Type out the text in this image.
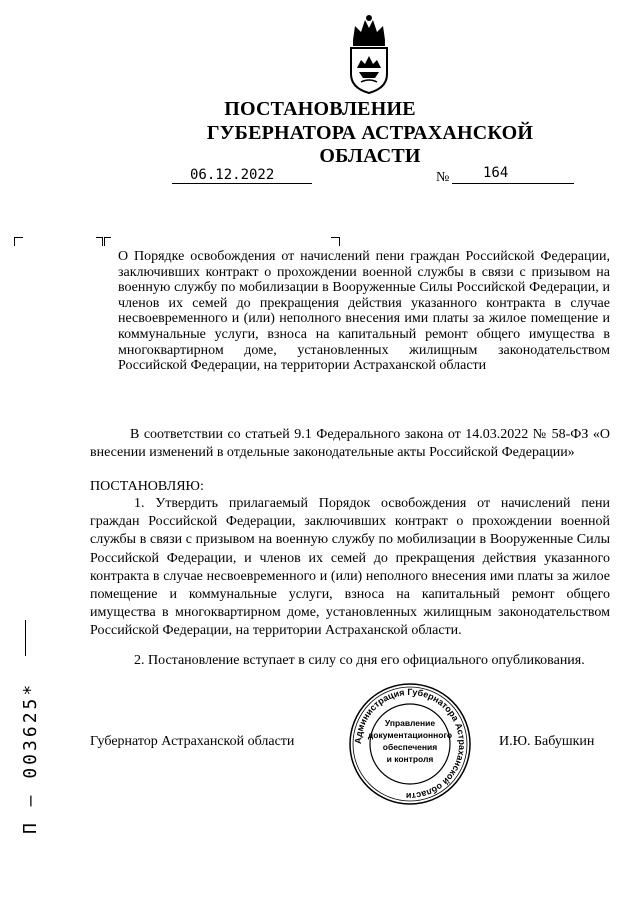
ПОСТАНОВЛЕНИЕ
ГУБЕРНАТОРА АСТРАХАНСКОЙ ОБЛАСТИ
06.12.2022	№ 164
О Порядке освобождения от начислений пени граждан Российской Федерации, заключивших контракт о прохождении военной службы в связи с призывом на военную службу по мобилизации в Вооруженные Силы Российской Федерации, и членов их семей до прекращения действия указанного контракта в случае несвоевременного и (или) неполного внесения ими платы за жилое помещение и коммунальные услуги, взноса на капитальный ремонт общего имущества в многоквартирном доме, установленных жилищным законодательством Российской Федерации, на территории Астраханской области
В соответствии со статьей 9.1 Федерального закона от 14.03.2022 № 58-ФЗ «О внесении изменений в отдельные законодательные акты Российской Федерации»
ПОСТАНОВЛЯЮ:
1. Утвердить прилагаемый Порядок освобождения от начислений пени граждан Российской Федерации, заключивших контракт о прохождении военной службы в связи с призывом на военную службу по мобилизации в Вооруженные Силы Российской Федерации, и членов их семей до прекращения действия указанного контракта в случае несвоевременного и (или) неполного внесения ими платы за жилое помещение и коммунальные услуги, взноса на капитальный ремонт общего имущества в многоквартирном доме, установленных жилищным законодательством Российской Федерации, на территории Астраханской области.
2. Постановление вступает в силу со дня его официального опубликования.
Губернатор Астраханской области	И.Ю. Бабушкин
Администрация Губернатора Астраханской области
Управление
документационного
обеспечения
и контроля
П – 003625*
